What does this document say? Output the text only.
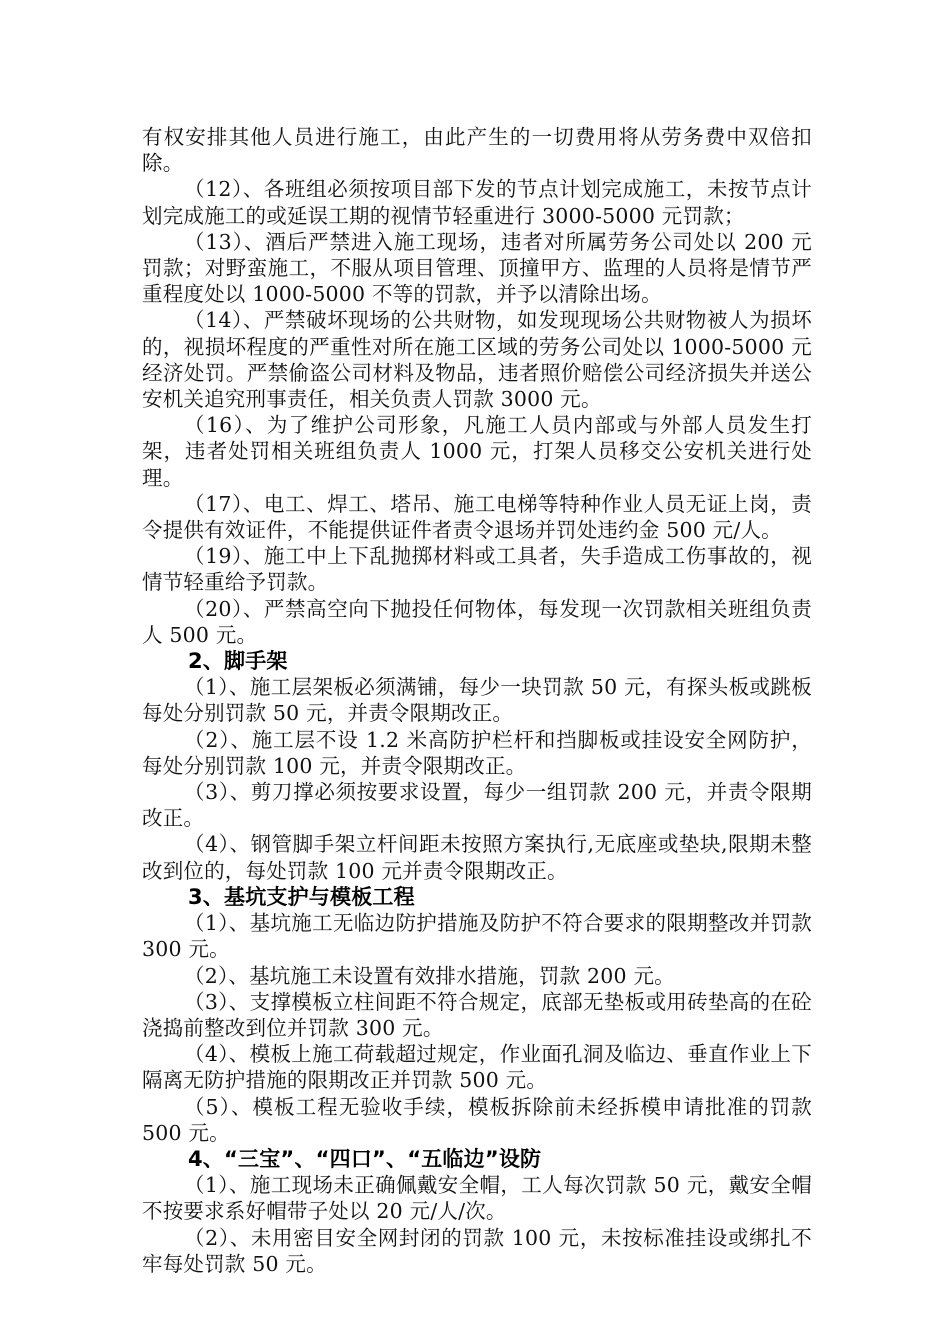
有权安排其他人员进行施工，由此产生的一切费用将从劳务费中双倍扣除。

（12）、各班组必须按项目部下发的节点计划完成施工，未按节点计划完成施工的或延误工期的视情节轻重进行 3000-5000 元罚款；

（13）、酒后严禁进入施工现场，违者对所属劳务公司处以 200 元罚款；对野蛮施工，不服从项目管理、顶撞甲方、监理的人员将是情节严重程度处以 1000-5000 不等的罚款，并予以清除出场。

（14）、严禁破坏现场的公共财物，如发现现场公共财物被人为损坏的，视损坏程度的严重性对所在施工区域的劳务公司处以 1000-5000 元经济处罚。严禁偷盗公司材料及物品，违者照价赔偿公司经济损失并送公安机关追究刑事责任，相关负责人罚款 3000 元。

（16）、为了维护公司形象，凡施工人员内部或与外部人员发生打架，违者处罚相关班组负责人 1000 元，打架人员移交公安机关进行处理。

（17）、电工、焊工、塔吊、施工电梯等特种作业人员无证上岗，责令提供有效证件，不能提供证件者责令退场并罚处违约金 500 元/人。

（19）、施工中上下乱抛掷材料或工具者，失手造成工伤事故的，视情节轻重给予罚款。

（20）、严禁高空向下抛投任何物体，每发现一次罚款相关班组负责人 500 元。

2、脚手架

（1）、施工层架板必须满铺，每少一块罚款 50 元，有探头板或跳板每处分别罚款 50 元，并责令限期改正。

（2）、施工层不设 1.2 米高防护栏杆和挡脚板或挂设安全网防护，每处分别罚款 100 元，并责令限期改正。

（3）、剪刀撑必须按要求设置，每少一组罚款 200 元，并责令限期改正。

（4）、钢管脚手架立杆间距未按照方案执行,无底座或垫块,限期未整改到位的，每处罚款 100 元并责令限期改正。

3、基坑支护与模板工程

（1）、基坑施工无临边防护措施及防护不符合要求的限期整改并罚款 300 元。

（2）、基坑施工未设置有效排水措施，罚款 200 元。

（3）、支撑模板立柱间距不符合规定，底部无垫板或用砖垫高的在砼浇捣前整改到位并罚款 300 元。

（4）、模板上施工荷载超过规定，作业面孔洞及临边、垂直作业上下隔离无防护措施的限期改正并罚款 500 元。

（5）、模板工程无验收手续，模板拆除前未经拆模申请批准的罚款 500 元。

4、“三宝”、“四口”、“五临边”设防

（1）、施工现场未正确佩戴安全帽，工人每次罚款 50 元，戴安全帽不按要求系好帽带子处以 20 元/人/次。

（2）、未用密目安全网封闭的罚款 100 元，未按标准挂设或绑扎不牢每处罚款 50 元。
